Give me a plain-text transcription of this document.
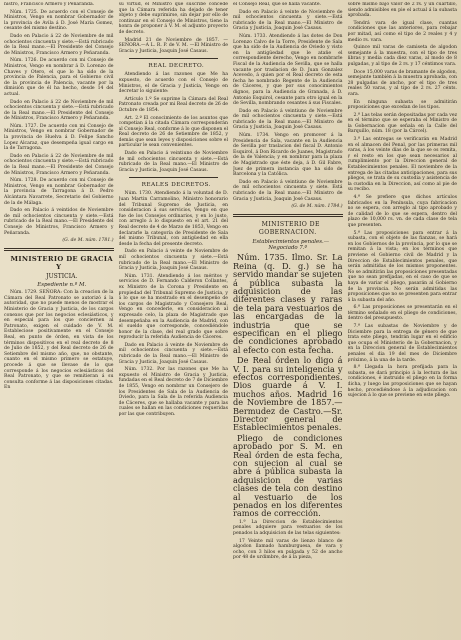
nistro, Francisco Armero y Peñaranda.

Núm. 1725. De acuerdo con el Consejo de Ministros, Vengo en nombrar Gobernador de la provincia de Avila á D. José María Gomez, cesante del mismo destino.

Dado en Palacio á 22 de Noviembre de mil ochocientos cincuenta y siete.—Está rubricado de la Real mano.—El Presidente del Consejo de Ministros, Francisco Armero y Peñaranda.

Núm. 1726. De acuerdo con mi Consejo de Ministros, Vengo en nombrar á D. Lorenzo de Chaves y Otero, el que lo ha sido de la provincia de Palencia, para el Gobierno civil de la provincia de Palencia, vacante por la dimisión que de él ha hecho, desde 14 del actual.

Dado en Palacio á 22 de Noviembre de mil ochocientos cincuenta y siete.—Está rubricado de la Real mano.—El Presidente del Consejo de Ministros, Francisco Armero y Peñaranda.

Núm. 1727. De acuerdo con mi Consejo de Ministros, Vengo en nombrar Gobernador de la provincia de Huelva á D. Felipe Sancho Lopez Alcaraz, que desempeña igual cargo en la de Tarragona.

Dado en Palacio á 22 de Noviembre de mil ochocientos cincuenta y siete.—Está rubricado de la Real mano.—El Presidente del Consejo de Ministros, Francisco Armero y Peñaranda.

Núm. 1728. De acuerdo con mi Consejo de Ministros, Vengo en nombrar Gobernador de la provincia de Tarragona á D. Pedro Alcántara Navarrete, Secretario del Gobierno de la de Málaga.

Dado en Palacio á veintidos de Noviembre de mil ochocientos cincuenta y siete.—Está rubricado de la Real mano.—El Presidente del Consejo de Ministros, Francisco Armero y Peñaranda.

(G. de M. núm. 1781.)

MINISTERIO DE GRACIA Y

JUSTICIA.

Espediente n.º M.

Núm. 1729. SEÑORA: Con la creacion de la Cámara del Real Patronato se autorizó á la autoridad, que no puede menos de mostrar el Ministerio de Gracia y Justicia, de los cargos conexos que por los negocios eclesiásticos, y en especial para los que conciernen al Patronato, exigen el cuidado de V. M. Estableciose positivamente en el Consejo Real, en punto de órden, en vista de los términos dispositivos en el real decreto de 8 de Julio de 1852, y del Real decreto de 26 de Setiembre del mismo año, que, no obstante, cuanto en el mismo primero se estatuye, procede á que se llevase de lo que corresponde á los negocios eclesiásticos del Real Patronato, y que se remitieran á su consulta conforme á las disposiciones citadas. En

su virtud, el Ministro que suscribe concede que la Cámara referida ha dejado de tener objeto y debe suprimirse, sin dejar por ello de continuar en el Consejo de Ministros, tiene la honra de proponer á V. M. el adjunto proyecto de decreto.

Madrid 21 de Noviembre de 1857. —SEÑORA.—A L. R. P. de V. M. —El Ministro de Gracia y Justicia, Joaquin José Casaus.

REAL DECRETO.

Atendiendo á las razones que Me ha expuesto, de acuerdo con el Consejo de Ministros, el de Gracia y Justicia, Vengo en decretar lo siguiente:

Artículo 1.º Se suprime la Cámara del Real Patronato creada por mi Real decreto de 26 de Octubre de 1854.

Art. 2.º El conocimiento de los asuntos que competian á la citada Cámara corresponderán al Consejo Real, conforme á lo que disponen el Real decreto de 26 de Setiembre de 1852, y demás que sean leyes y disposiciones sobre el particular le sean convenientes.

Dado en Palacio á veintiuno de Noviembre de mil ochocientos cincuenta y siete.—Está rubricado de la Real mano.—El Ministro de Gracia y Justicia, Joaquin José Casaus.

REALES DECRETOS.

Núm. 1730. Atendiendo á la voluntad de D. Juan Martin Carramolino, Ministro honorario del Tribunal Supremo de Justicia, en consideracion á sus servicios, Vengo en que fue de los Consejos ordinarios, y en lo justo, con arreglo á lo dispuesto en el art. 21 del Real decreto de 4 de Marzo de 1853, Vengo en declararle la categoría de Presidente de Sala del mismo Tribunal, con antigüedad en ella desde la fecha del presente decreto.

Dado en Palacio á veinte de Noviembre de mil ochocientos cincuenta y siete.—Está rubricado de la Real mano.—El Ministro de Gracia y Justicia, Joaquin José Casaus.

Núm. 1731. Atendiendo á los méritos y servicios de D. Fernando Calderon Collantes, ex Ministro de la Corona y Presidente en propiedad del Tribunal Supremo de Justicia, y á lo que se ha mostrado en el desempeño de los cargos de Magistrado y Consejero Real, Vengo en concederle, en consideracion al expresado celo, la plaza de Magistrado que desempeñaba en la Audiencia de Madrid, con el sueldo que corresponde, concediéndole honor de la clase, del real grado que sobre reproducir la referida Audiencia de Cáceres.

Dado en Palacio á veinte de Noviembre de mil ochocientos cincuenta y siete.—Está rubricado de la Real mano.—El Ministro de Gracia y Justicia, Joaquin José Casaus.

Núm. 1732. Por las razones que Me ha expuesto el Ministro de Gracia y Justicia, fundadas en el Real decreto de 7 de Diciembre de 1855, Vengo en nombrar un Consejero de los Presidentes de Sala de la Audiencia de Oviedo, para la Sala de la referida Audiencia de Cáceres, que se hallaba vacante y para las cuales se hallan en las condiciones requeridas por las que contribuyen.

el Consejo Real, que se halla vacante.

Dado en Palacio á veinte de Noviembre de mil ochocientos cincuenta y siete.—Está rubricado de la Real mano.—El Ministro de Gracia y Justicia, Joaquin José Casaus.

Núm. 1733. Atendiendo á las dotes de Don Lorenzo Calvo de la Torre, Presidente de Sala que ha sido de la Audiencia de Oviedo y visto en la antigüedad que le atañe el correspondiente derecho, Vengo en nombrarle Fiscal de la Audiencia de Sevilla, que se halla vacante por traslacion de D. Juan Gonzalez Acevedo, á quien por el Real decreto de esta fecha he nombrado Regente de la Audiencia de Cáceres, y que por sus conocimientos dignos, para la Audiencia de Granada, á D. Antonio Esquirol, cesante para otro igual en la de Sevilla, nombrando cesantes á sus Fiscales.

Dado en Palacio á veintiuno de Noviembre de mil ochocientos cincuenta y siete.—Está rubricado de la Real mano.—El Ministro de Gracia y Justicia, Joaquin José Casaus.

Núm. 1734. Vengo en promover á la Presidencia de Sala, vacante en la Audiencia de Sevilla por traslacion del fiscal D. Antonio Esquirol, á Don Ricardo de Juanes, Magistrado de la de Valencia; y en nombrar para la plaza de Magistrado que éste deja, á D. Gil Fabre, Juez de primera instancia que ha sido de Barcelona y la Católica.

Dado en Palacio á veintiuno de Noviembre de mil ochocientos cincuenta y siete. Está rubricado de la Real mano.—El Ministro de Gracia y Justicia, Joaquin José Casaus.

(G. de M. núm. 1784.)

MINISTERIO DE GOBERNACION.

Establecimientos penales.—Negociado 7.º

Núm. 1735. Ilmo. Sr. La Reina (q. D. g.) se ha servido mandar se sujeten á pública subasta la adquisicion de las diferentes clases y raras de tela para vestuarios de las encargadas de la industria que se especifican en el pliego de condiciones aprobado al efecto con esta fecha.

De Real órden lo digo á V. I. para su inteligencia y efectos correspondientes. Dios guarde á V. I. muchos años. Madrid 16 de Noviembre de 1857.—Bermudez de Castro.—Sr. Director general de Establecimientos penales.

Pliego de condiciones aprobado por S. M. en Real órden de esta fecha, con sujecion al cual se abre á pública subasta la adquisicion de varias clases de tela con destino al vestuario de los penados en los diferentes ramos de corrección.

1.ª La Direccion de Establecimientos penales adquiere para vestuarios de los penados la adquisicion de las telas siguientes:

17 Veinte mil varas de lienzo blanco de algodon llamado hamburguesa, de vara y ocho, con 3 hilos en pulgada y 52 de ancho por 48 de urdimbre, de á la pieza,

sobre mismo bajo valor de 2 rs. y un cuartillo, siendo admisibles en pie el actual á la subasta aprobada.

Tendrá vara de igual clase, cuantas condiciones que las anteriores, para rebajar por mitad, así como el tipo de 2 reales y 4 y medio rs. vara.

Quince mil varas de camiseta de algodon semejante á la muestra, con el tipo de tres libras y media cada diez varas, al modo de 8 pulgadas, y al tipo de 2 rs. y 17 céntimos vara.

Doce 15,000 varas de bramante de algodon, semejante también á la muestra aprobada, con 28 pulgadas de ancho, por el tipo de tres reales 50 varas, y al tipo de 2 rs. 27 cénts. vara.

En ninguna subasta se admitirán proposiciones que excedan de los tipos.

2.ª Las telas serán depositadas por cada vez en el término que se esperaba el Ministro de la Gobernacion que señala en la Calle del Barquillo, núm. 18 (por la Cárcel).

3.ª Las entregas se verificarán en Madrid en el almacen del Penal, por las primeras mil varas, á los veinte días de la que se os remita, y el resto en los que sean necesarios al cumplimiento por la Direccion general de Establecimientos penales. El noviembre de la entrega de las citadas anticipaciones, para sus pliegos, se trata de su custodia y asistencia de la custodia en la Direccion, así como al pie de su recibo.

4.ª Se prefiere que dichos artículos fabricados en la Península, cuya fabricacion no se espera, con arreglo al tipo aprobado y de calidad de lo que se espera, dentro del plazo de 10,000 rs. vn. de cada clase de tela que presenten.

5.ª Las proposiciones para entrar á la subasta, con el objeto de las fianzas, se hará en los Gobiernos de la provincia, por lo que se remitan á la vista; en los términos que previene el Gobierno civil de Madrid y la Direccion de Establecimientos penales, que serán admitidas de los mismos proponentes. No se admitirán las proposiciones presentadas que no sean prefijadas, en el caso de que se haya de variar el pliego, pasarán al Gobierno de la provincia. No serán admitidas las proposiciones que no se presenten para entrar á la subasta del año.

6.ª Las proposiciones se presentarán en el término señalado en el pliego de condiciones, dentro del presupuesto.

7.ª Las subastas de Noviembre y de Diciembre para la entrega de género de que trata este pliego, tendrán lugar en el edificio que ocupa el Ministerio de la Gobernacion, y en la Direccion general de Establecimientos penales el dia 19 del mes de Diciembre próximo, á la una de la tarde.

8.ª Llegada la hora prefijada para la subasta, se dará principio á la lectura de las condiciones, é instruido el pliego en la forma dicha, y luego las proposiciones que se hayan hecho, procediéndose á la adjudicacion con sujecion á lo que se previene en este pliego.
